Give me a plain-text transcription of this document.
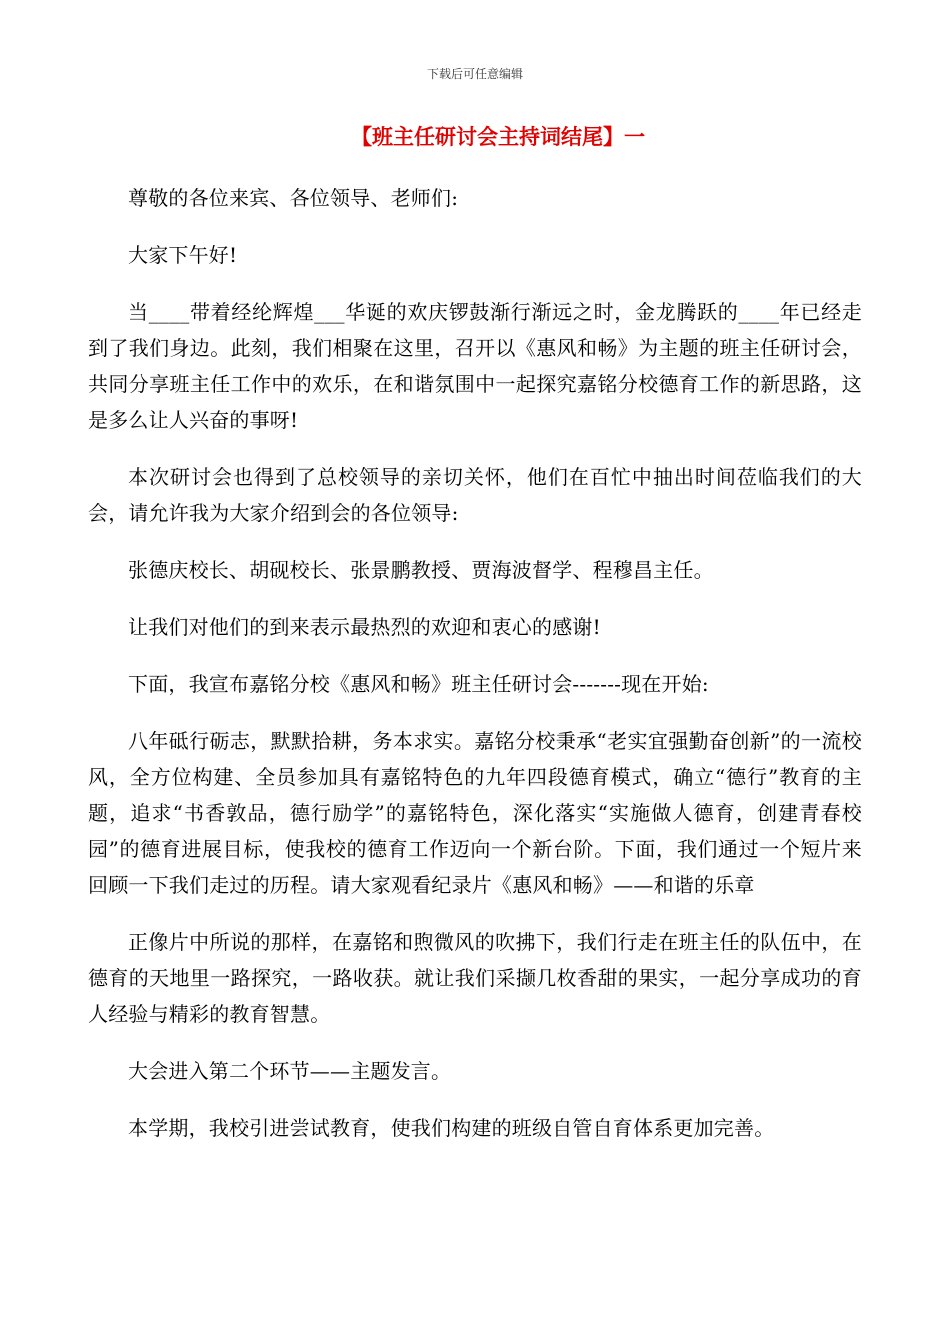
下载后可任意编辑
【班主任研讨会主持词结尾】一

尊敬的各位来宾、各位领导、老师们:

大家下午好!

当____带着经纶辉煌___华诞的欢庆锣鼓渐行渐远之时，金龙腾跃的____年已经走到了我们身边。此刻，我们相聚在这里，召开以《惠风和畅》为主题的班主任研讨会，共同分享班主任工作中的欢乐，在和谐氛围中一起探究嘉铭分校德育工作的新思路，这是多么让人兴奋的事呀!

本次研讨会也得到了总校领导的亲切关怀，他们在百忙中抽出时间莅临我们的大会，请允许我为大家介绍到会的各位领导:

张德庆校长、胡砚校长、张景鹏教授、贾海波督学、程穆昌主任。

让我们对他们的到来表示最热烈的欢迎和衷心的感谢!

下面，我宣布嘉铭分校《惠风和畅》班主任研讨会-------现在开始:

八年砥行砺志，默默拾耕，务本求实。嘉铭分校秉承“老实宜强勤奋创新”的一流校风，全方位构建、全员参加具有嘉铭特色的九年四段德育模式，确立“德行”教育的主题，追求“书香敦品，德行励学”的嘉铭特色，深化落实“实施做人德育，创建青春校园”的德育进展目标，使我校的德育工作迈向一个新台阶。下面，我们通过一个短片来回顾一下我们走过的历程。请大家观看纪录片《惠风和畅》——和谐的乐章

正像片中所说的那样，在嘉铭和煦微风的吹拂下，我们行走在班主任的队伍中，在德育的天地里一路探究，一路收获。就让我们采撷几枚香甜的果实，一起分享成功的育人经验与精彩的教育智慧。

大会进入第二个环节——主题发言。

本学期，我校引进尝试教育，使我们构建的班级自管自育体系更加完善。
